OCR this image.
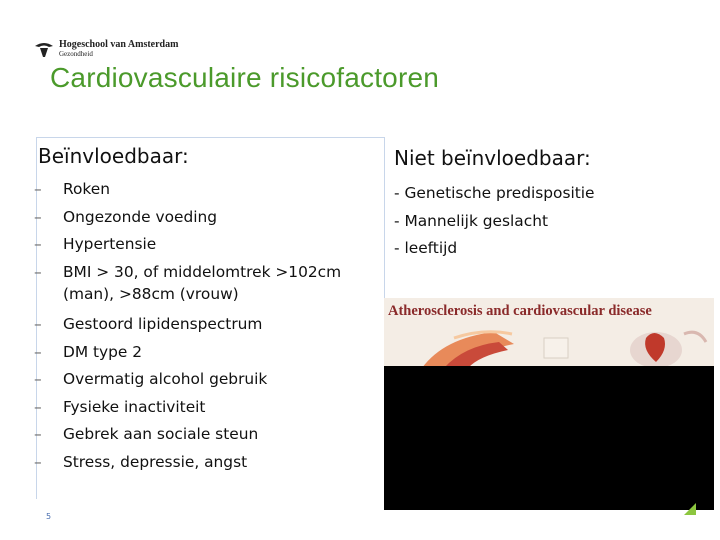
Hogeschool van Amsterdam
Gezondheid
Cardiovasculaire risicofactoren
Beïnvloedbaar:
– Roken
– Ongezonde voeding
– Hypertensie
– BMI > 30, of middelomtrek >102cm
(man), >88cm (vrouw)
– Gestoord lipidenspectrum
– DM type 2
– Overmatig alcohol gebruik
– Fysieke inactiviteit
– Gebrek aan sociale steun
– Stress, depressie, angst
Niet beïnvloedbaar:
- Genetische predispositie
- Mannelijk geslacht
- leeftijd
Atherosclerosis and cardiovascular disease
5
